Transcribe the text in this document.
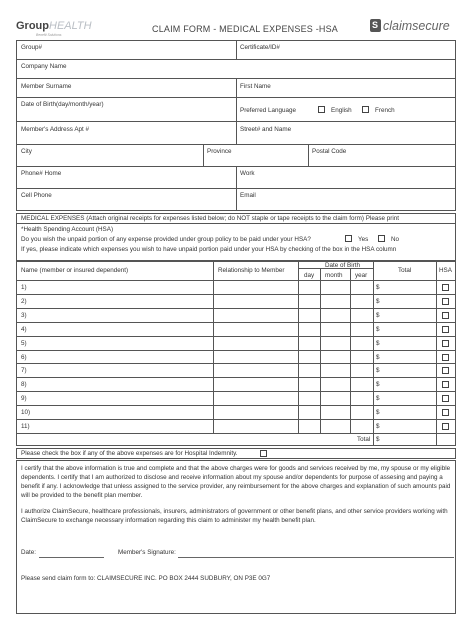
GroupHEALTH
Benefit Solutions
CLAIM FORM - MEDICAL EXPENSES -HSA	S claimsecure
Group#	Certificate/ID#
Company Name
Member Surname	First Name
Date of Birth(day/month/year)
Preferred Language	English	French
Member's Address Apt #	Street# and Name
City	Province	Postal Code
Phone# Home	Work
Cell Phone	Email
MEDICAL EXPENSES (Attach original receipts for expenses listed below; do NOT staple or tape receipts to the claim form) Please print
*Health Spending Account (HSA)
Do you wish the unpaid portion of any expense provided under group policy to be paid under your HSA?	Yes	No
If yes, please indicate which expenses you wish to have unpaid portion paid under your HSA by checking of the box in the HSA column
Name (member or insured dependent)	Relationship to Member
Date of Birth
day month year
Total	HSA
1)	$
2)	$
3)	$
4)	$
5)	$
6)	$
7)	$
8)	$
9)	$
10)	$
11)	$
Total $
Please check the box if any of the above expenses are for Hospital Indemnity.
I certify that the above information is true and complete and that the above charges were for goods and services received by me, my spouse or my eligible dependents. I certify that I am authorized to disclose and receive information about my spouse and/or dependents for purpose of assesing and paying a benefit if any. I acknowledge that unless assigned to the service provider, any reimbursement for the above charges and explanation of such amounts paid will be provided to the benefit plan member.
I authorize ClaimSecure, healthcare professionals, insurers, administrators of government or other benefit plans, and other service providers working with ClaimSecure to exchange necessary information regarding this claim to administer my health benefit plan.
Date:	Member's Signature:
Please send claim form to: CLAIMSECURE INC. PO BOX 2444 SUDBURY, ON P3E 0G7
